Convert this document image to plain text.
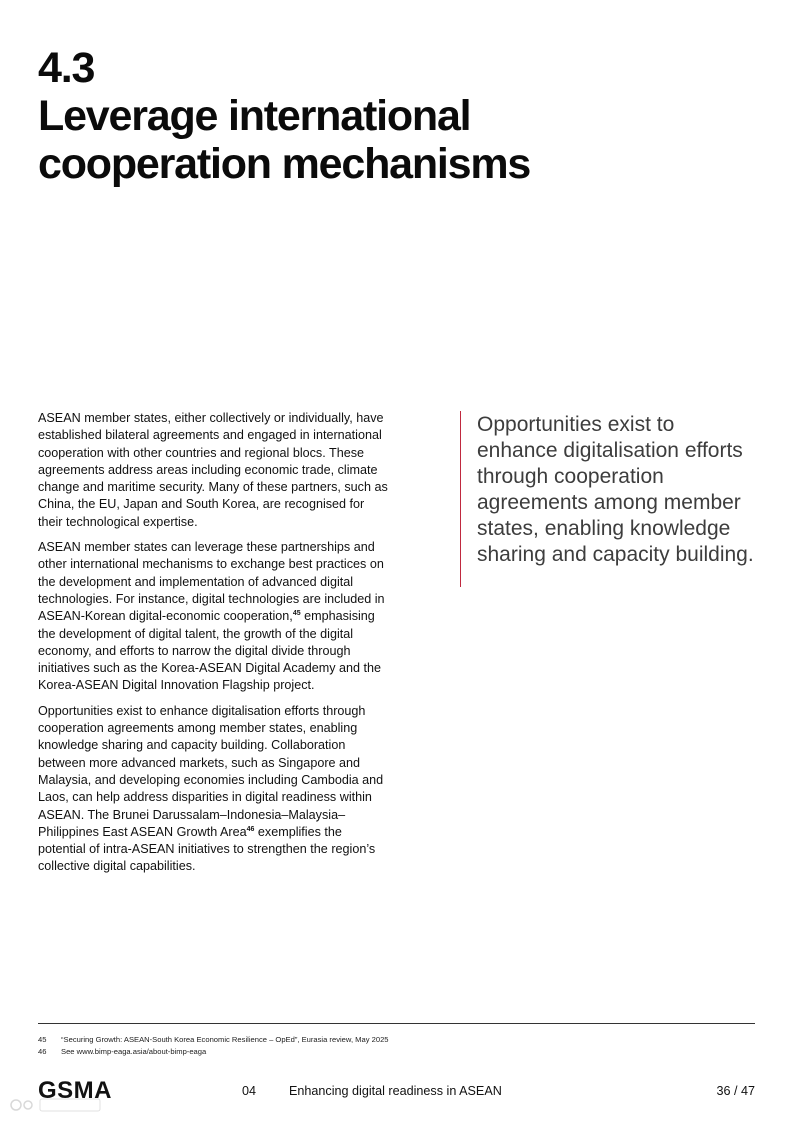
4.3

Leverage international

cooperation mechanisms

ASEAN member states, either collectively or individually, have established bilateral agreements and engaged in international cooperation with other countries and regional blocs. These agreements address areas including economic trade, climate change and maritime security. Many of these partners, such as China, the EU, Japan and South Korea, are recognised for their technological expertise.

ASEAN member states can leverage these partnerships and other international mechanisms to exchange best practices on the development and implementation of advanced digital technologies. For instance, digital technologies are included in ASEAN-Korean digital-economic cooperation,$^{45}$ emphasising the development of digital talent, the growth of the digital economy, and efforts to narrow the digital divide through initiatives such as the Korea-ASEAN Digital Academy and the Korea-ASEAN Digital Innovation Flagship project.

Opportunities exist to enhance digitalisation efforts through cooperation agreements among member states, enabling knowledge sharing and capacity building. Collaboration between more advanced markets, such as Singapore and Malaysia, and developing economies including Cambodia and Laos, can help address disparities in digital readiness within ASEAN. The Brunei Darussalam–Indonesia–Malaysia–Philippines East ASEAN Growth Area$^{46}$ exemplifies the potential of intra-ASEAN initiatives to strengthen the region’s collective digital capabilities.

Opportunities exist to enhance digitalisation efforts through cooperation agreements among member states, enabling knowledge sharing and capacity building.

45	“Securing Growth: ASEAN-South Korea Economic Resilience – OpEd”, Eurasia review, May 2025
46	See www.bimp-eaga.asia/about-bimp-eaga
GSMA	04	Enhancing digital readiness in ASEAN	36 / 47
